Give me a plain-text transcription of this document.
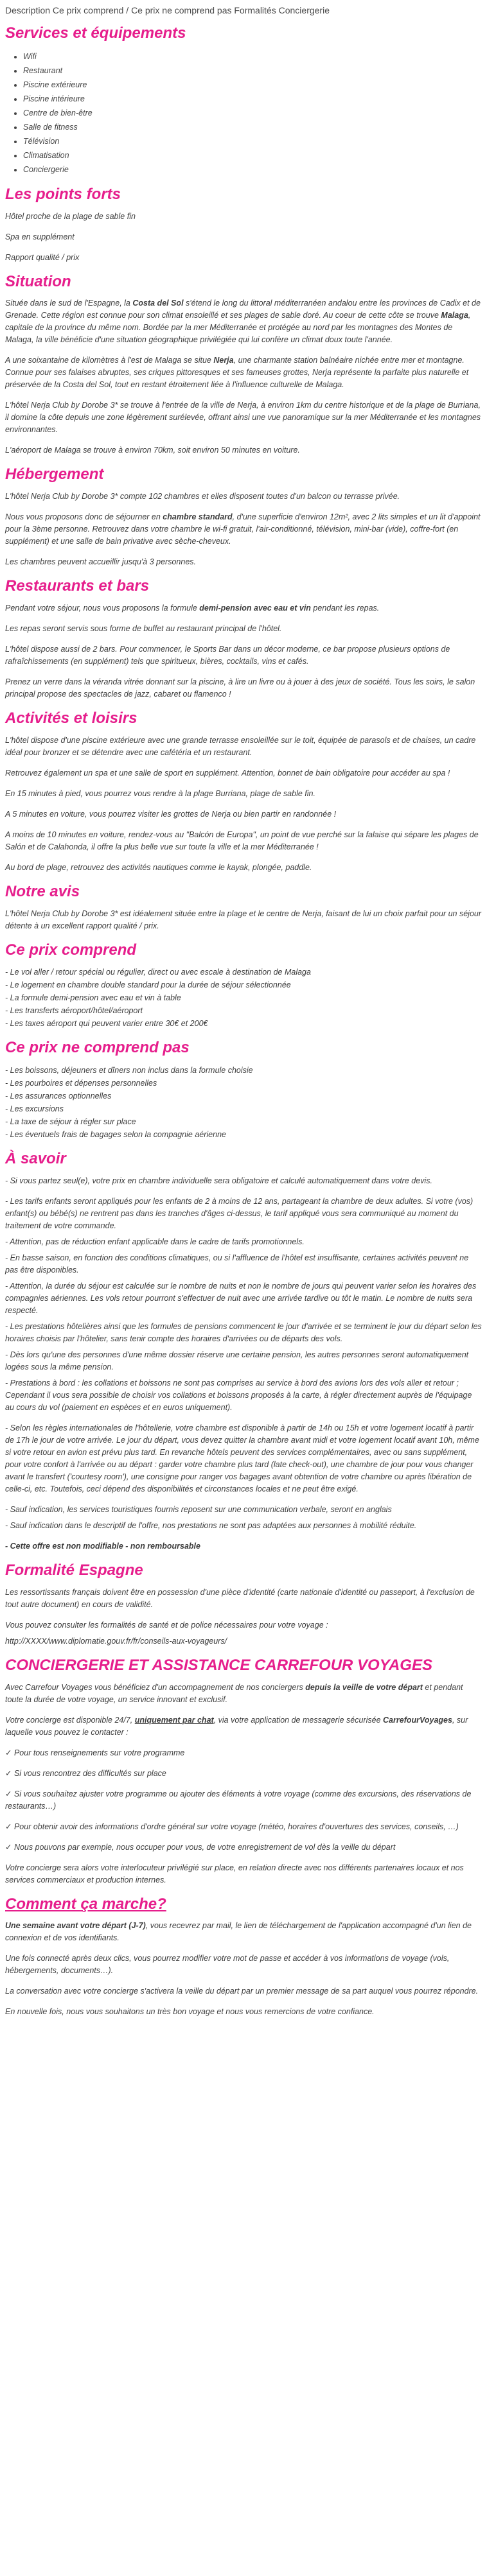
Description Ce prix comprend / Ce prix ne comprend pas Formalités Conciergerie
Services et équipements
• Wifi
• Restaurant
• Piscine extérieure
• Piscine intérieure
• Centre de bien-être
• Salle de fitness
• Télévision
• Climatisation
• Conciergerie
Les points forts

Hôtel proche de la plage de sable fin

Spa en supplément

Rapport qualité / prix

Situation

Située dans le sud de l'Espagne, la Costa del Sol s'étend le long du littoral méditerranéen andalou entre les provinces de Cadix et de Grenade. Cette région est connue pour son climat ensoleillé et ses plages de sable doré. Au coeur de cette côte se trouve Malaga, capitale de la province du même nom. Bordée par la mer Méditerranée et protégée au nord par les montagnes des Montes de Malaga, la ville bénéficie d'une situation géographique privilégiée qui lui confère un climat doux toute l'année.

A une soixantaine de kilomètres à l'est de Malaga se situe Nerja, une charmante station balnéaire nichée entre mer et montagne. Connue pour ses falaises abruptes, ses criques pittoresques et ses fameuses grottes, Nerja représente la parfaite plus naturelle et préservée de la Costa del Sol, tout en restant étroitement liée à l'influence culturelle de Malaga.

L'hôtel Nerja Club by Dorobe 3* se trouve à l'entrée de la ville de Nerja, à environ 1km du centre historique et de la plage de Burriana, il domine la côte depuis une zone légèrement surélevée, offrant ainsi une vue panoramique sur la mer Méditerranée et les montagnes environnantes.

L'aéroport de Malaga se trouve à environ 70km, soit environ 50 minutes en voiture.

Hébergement

L'hôtel Nerja Club by Dorobe 3* compte 102 chambres et elles disposent toutes d'un balcon ou terrasse privée.

Nous vous proposons donc de séjourner en chambre standard, d'une superficie d'environ 12m², avec 2 lits simples et un lit d'appoint pour la 3ème personne. Retrouvez dans votre chambre le wi-fi gratuit, l'air-conditionné, télévision, mini-bar (vide), coffre-fort (en supplément) et une salle de bain privative avec sèche-cheveux.

Les chambres peuvent accueillir jusqu'à 3 personnes.

Restaurants et bars

Pendant votre séjour, nous vous proposons la formule demi-pension avec eau et vin pendant les repas.

Les repas seront servis sous forme de buffet au restaurant principal de l'hôtel.

L'hôtel dispose aussi de 2 bars. Pour commencer, le Sports Bar dans un décor moderne, ce bar propose plusieurs options de rafraîchissements (en supplément) tels que spiritueux, bières, cocktails, vins et cafés.

Prenez un verre dans la véranda vitrée donnant sur la piscine, à lire un livre ou à jouer à des jeux de société. Tous les soirs, le salon principal propose des spectacles de jazz, cabaret ou flamenco !

Activités et loisirs

L'hôtel dispose d'une piscine extérieure avec une grande terrasse ensoleillée sur le toit, équipée de parasols et de chaises, un cadre idéal pour bronzer et se détendre avec une cafétéria et un restaurant.

Retrouvez également un spa et une salle de sport en supplément. Attention, bonnet de bain obligatoire pour accéder au spa !

En 15 minutes à pied, vous pourrez vous rendre à la plage Burriana, plage de sable fin.

A 5 minutes en voiture, vous pourrez visiter les grottes de Nerja ou bien partir en randonnée !

A moins de 10 minutes en voiture, rendez-vous au "Balcón de Europa", un point de vue perché sur la falaise qui sépare les plages de Salón et de Calahonda, il offre la plus belle vue sur toute la ville et la mer Méditerranée !

Au bord de plage, retrouvez des activités nautiques comme le kayak, plongée, paddle.

Notre avis

L'hôtel Nerja Club by Dorobe 3* est idéalement située entre la plage et le centre de Nerja, faisant de lui un choix parfait pour un séjour détente à un excellent rapport qualité / prix.

Ce prix comprend
- Le vol aller / retour spécial ou régulier, direct ou avec escale à destination de Malaga
- Le logement en chambre double standard pour la durée de séjour sélectionnée
- La formule demi-pension avec eau et vin à table
- Les transferts aéroport/hôtel/aéroport
- Les taxes aéroport qui peuvent varier entre 30€ et 200€
Ce prix ne comprend pas
- Les boissons, déjeuners et dîners non inclus dans la formule choisie
- Les pourboires et dépenses personnelles
- Les assurances optionnelles
- Les excursions
- La taxe de séjour à régler sur place
- Les éventuels frais de bagages selon la compagnie aérienne
À savoir

- Si vous partez seul(e), votre prix en chambre individuelle sera obligatoire et calculé automatiquement dans votre devis.

- Les tarifs enfants seront appliqués pour les enfants de 2 à moins de 12 ans, partageant la chambre de deux adultes. Si votre (vos) enfant(s) ou bébé(s) ne rentrent pas dans les tranches d'âges ci-dessus, le tarif appliqué vous sera communiqué au moment du traitement de votre commande.

- Attention, pas de réduction enfant applicable dans le cadre de tarifs promotionnels.

- En basse saison, en fonction des conditions climatiques, ou si l'affluence de l'hôtel est insuffisante, certaines activités peuvent ne pas être disponibles.

- Attention, la durée du séjour est calculée sur le nombre de nuits et non le nombre de jours qui peuvent varier selon les horaires des compagnies aériennes. Les vols retour pourront s'effectuer de nuit avec une arrivée tardive ou tôt le matin. Le nombre de nuits sera respecté.

- Les prestations hôtelières ainsi que les formules de pensions commencent le jour d'arrivée et se terminent le jour du départ selon les horaires choisis par l'hôtelier, sans tenir compte des horaires d'arrivées ou de départs des vols.

- Dès lors qu'une des personnes d'une même dossier réserve une certaine pension, les autres personnes seront automatiquement logées sous la même pension.

- Prestations à bord : les collations et boissons ne sont pas comprises au service à bord des avions lors des vols aller et retour ; Cependant il vous sera possible de choisir vos collations et boissons proposés à la carte, à régler directement auprès de l'équipage au cours du vol (paiement en espèces et en euros uniquement).

- Selon les règles internationales de l'hôtellerie, votre chambre est disponible à partir de 14h ou 15h et votre logement locatif à partir de 17h le jour de votre arrivée. Le jour du départ, vous devez quitter la chambre avant midi et votre logement locatif avant 10h, même si votre retour en avion est prévu plus tard. En revanche hôtels peuvent des services complémentaires, avec ou sans supplément, pour votre confort à l'arrivée ou au départ : garder votre chambre plus tard (late check-out), une chambre de jour pour vous changer avant le transfert ('courtesy room'), une consigne pour ranger vos bagages avant obtention de votre chambre ou après libération de celle-ci, etc. Toutefois, ceci dépend des disponibilités et circonstances locales et ne peut être exigé.

- Sauf indication, les services touristiques fournis reposent sur une communication verbale, seront en anglais

- Sauf indication dans le descriptif de l'offre, nos prestations ne sont pas adaptées aux personnes à mobilité réduite.

- Cette offre est non modifiable - non remboursable

Formalité Espagne

Les ressortissants français doivent être en possession d'une pièce d'identité (carte nationale d'identité ou passeport, à l'exclusion de tout autre document) en cours de validité.

Vous pouvez consulter les formalités de santé et de police nécessaires pour votre voyage :

http://XXXX/www.diplomatie.gouv.fr/fr/conseils-aux-voyageurs/

CONCIERGERIE ET ASSISTANCE CARREFOUR VOYAGES

Avec Carrefour Voyages vous bénéficiez d'un accompagnement de nos conciergers depuis la veille de votre départ et pendant toute la durée de votre voyage, un service innovant et exclusif.

Votre concierge est disponible 24/7, uniquement par chat, via votre application de messagerie sécurisée CarrefourVoyages, sur laquelle vous pouvez le contacter :

✓ Pour tous renseignements sur votre programme

✓ Si vous rencontrez des difficultés sur place

✓ Si vous souhaitez ajuster votre programme ou ajouter des éléments à votre voyage (comme des excursions, des réservations de restaurants…)

✓ Pour obtenir avoir des informations d'ordre général sur votre voyage (météo, horaires d'ouvertures des services, conseils, …)

✓ Nous pouvons par exemple, nous occuper pour vous, de votre enregistrement de vol dès la veille du départ

Votre concierge sera alors votre interlocuteur privilégié sur place, en relation directe avec nos différents partenaires locaux et nos services commerciaux et production internes.

Comment ça marche?

Une semaine avant votre départ (J-7), vous recevrez par mail, le lien de téléchargement de l'application accompagné d'un lien de connexion et de vos identifiants.

Une fois connecté après deux clics, vous pourrez modifier votre mot de passe et accéder à vos informations de voyage (vols, hébergements, documents…).

La conversation avec votre concierge s'activera la veille du départ par un premier message de sa part auquel vous pourrez répondre.

En nouvelle fois, nous vous souhaitons un très bon voyage et nous vous remercions de votre confiance.
